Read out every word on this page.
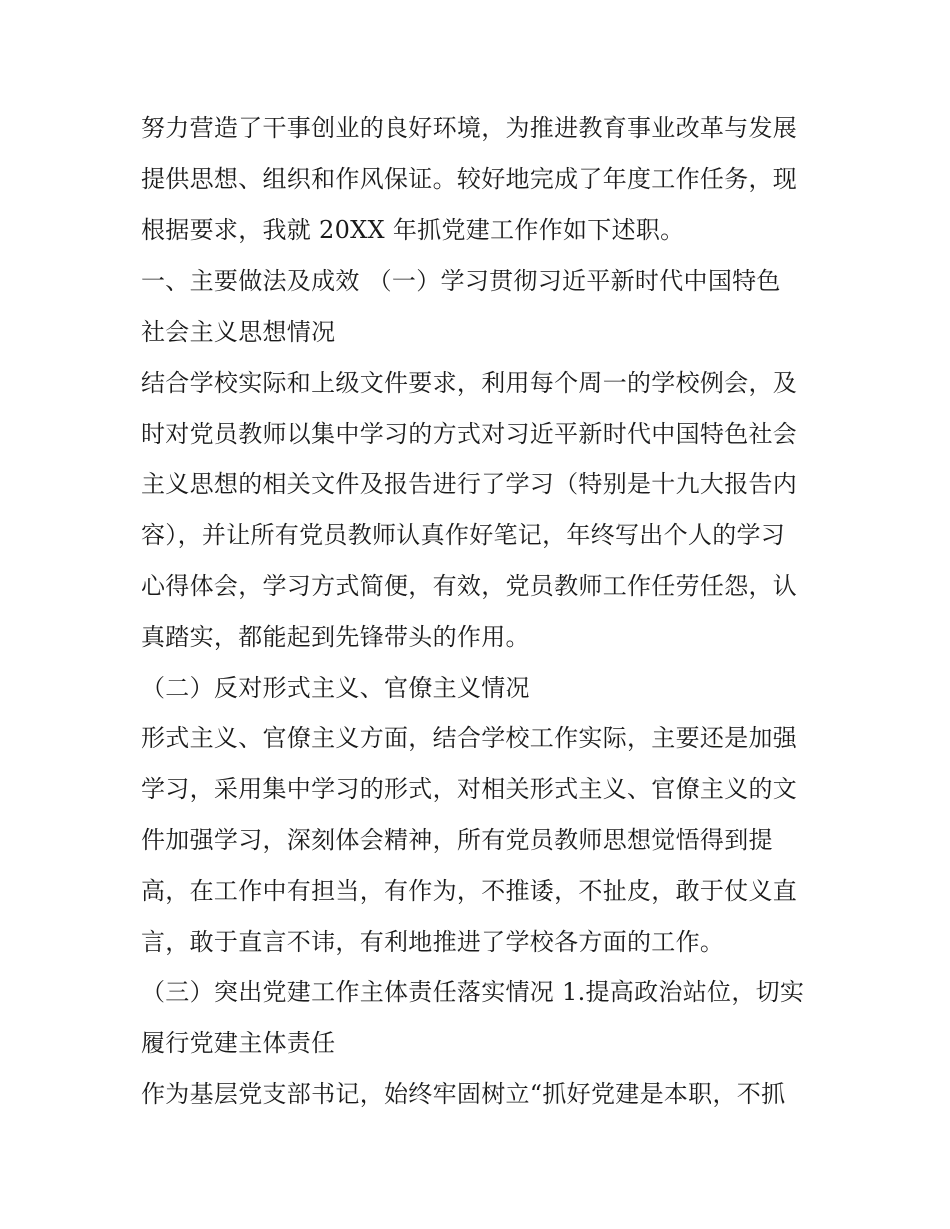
努力营造了干事创业的良好环境，为推进教育事业改革与发展
提供思想、组织和作风保证。较好地完成了年度工作任务，现
根据要求，我就 20XX 年抓党建工作作如下述职。
一、主要做法及成效 （一）学习贯彻习近平新时代中国特色
社会主义思想情况
结合学校实际和上级文件要求，利用每个周一的学校例会，及
时对党员教师以集中学习的方式对习近平新时代中国特色社会
主义思想的相关文件及报告进行了学习（特别是十九大报告内
容），并让所有党员教师认真作好笔记，年终写出个人的学习
心得体会，学习方式简便，有效，党员教师工作任劳任怨，认
真踏实，都能起到先锋带头的作用。
（二）反对形式主义、官僚主义情况
形式主义、官僚主义方面，结合学校工作实际，主要还是加强
学习，采用集中学习的形式，对相关形式主义、官僚主义的文
件加强学习，深刻体会精神，所有党员教师思想觉悟得到提
高，在工作中有担当，有作为，不推诿，不扯皮，敢于仗义直
言，敢于直言不讳，有利地推进了学校各方面的工作。
（三）突出党建工作主体责任落实情况 1.提高政治站位，切实
履行党建主体责任
作为基层党支部书记，始终牢固树立“抓好党建是本职，不抓
